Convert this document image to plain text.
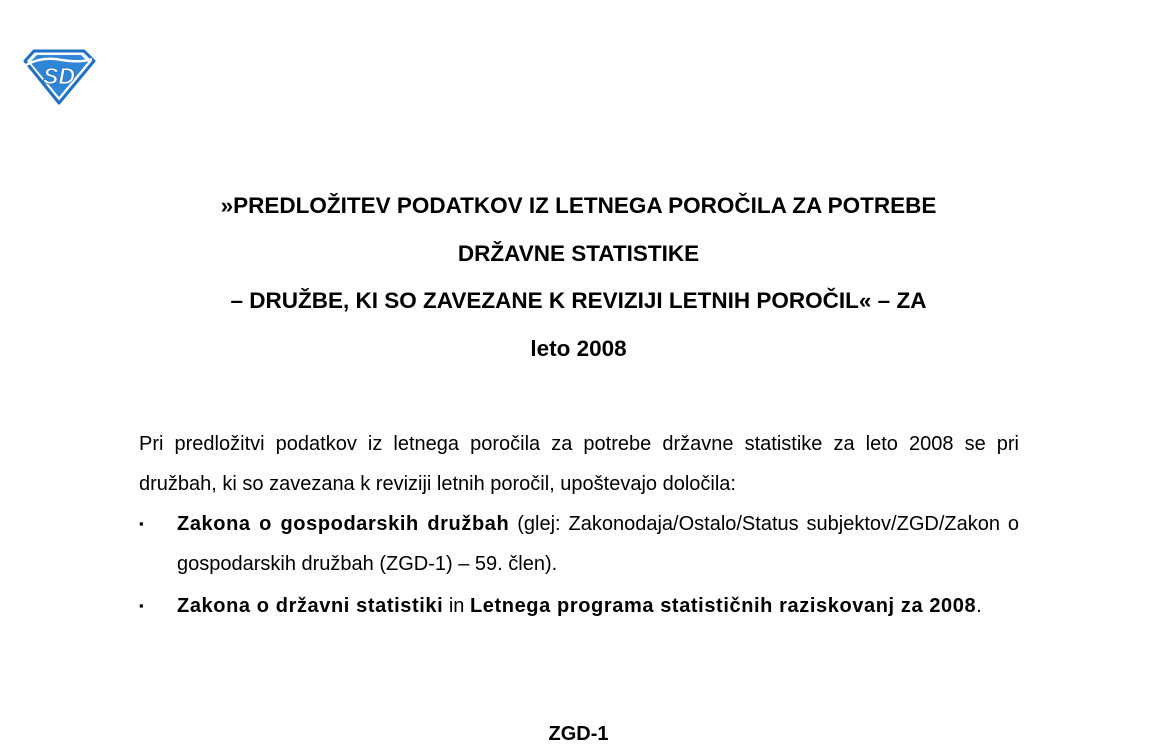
SD
»PREDLOŽITEV PODATKOV IZ LETNEGA POROČILA ZA POTREBE
DRŽAVNE STATISTIKE
– DRUŽBE, KI SO ZAVEZANE K REVIZIJI LETNIH POROČIL« – ZA
leto 2008

Pri predložitvi podatkov iz letnega poročila za potrebe državne statistike za leto 2008 se pri družbah, ki so zavezana k reviziji letnih poročil, upoštevajo določila:

▪ Zakona o gospodarskih družbah (glej: Zakonodaja/Ostalo/Status subjektov/ZGD/Zakon o gospodarskih družbah (ZGD-1) – 59. člen).
▪ Zakona o državni statistiki in Letnega programa statističnih raziskovanj za 2008.
ZGD-1
